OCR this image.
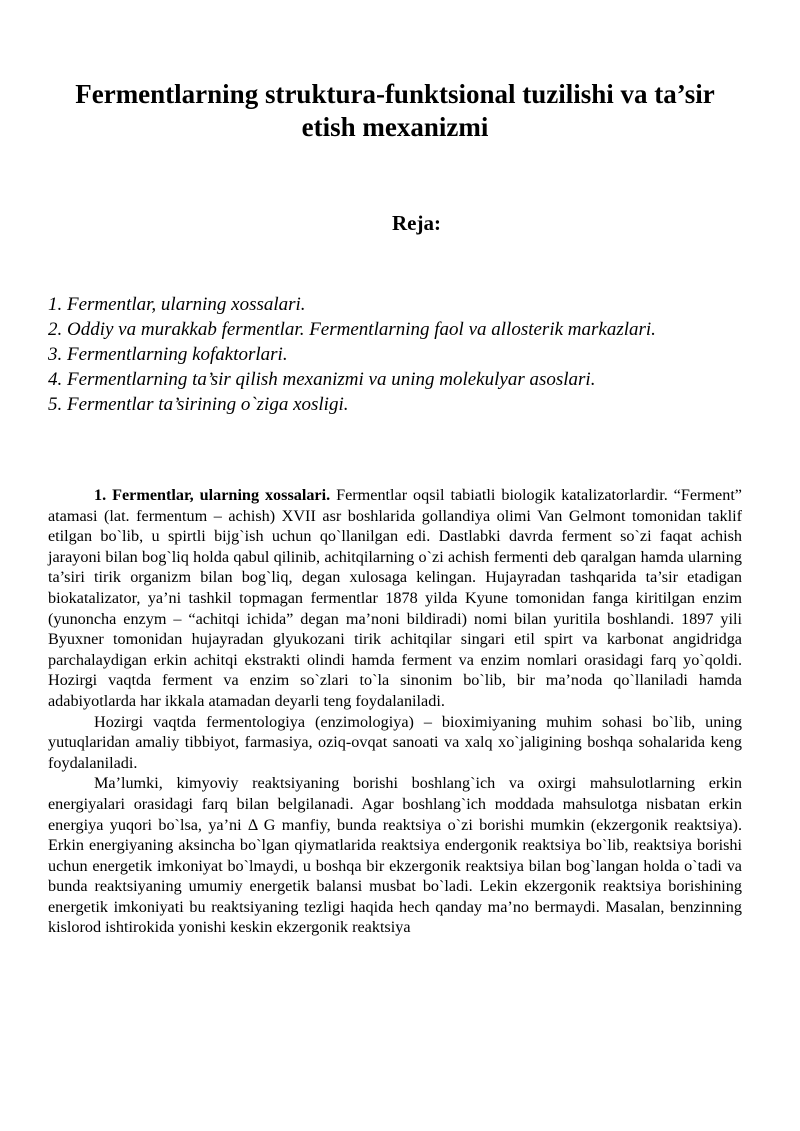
Fermentlarning struktura-funktsional tuzilishi va ta’sir etish mexanizmi
Reja:
1. Fermentlar, ularning xossalari.
2. Oddiy va murakkab fermentlar. Fermentlarning faol va allosterik markazlari.
3. Fermentlarning kofaktorlari.
4. Fermentlarning ta’sir qilish mexanizmi va uning molekulyar asoslari.
5. Fermentlar ta’sirining o`ziga xosligi.

1. Fermentlar, ularning xossalari. Fermentlar oqsil tabiatli biologik katalizatorlardir. “Ferment” atamasi (lat. fermentum – achish) XVII asr boshlarida gollandiya olimi Van Gelmont tomonidan taklif etilgan bo`lib, u spirtli bijg`ish uchun qo`llanilgan edi. Dastlabki davrda ferment so`zi faqat achish jarayoni bilan bog`liq holda qabul qilinib, achitqilarning o`zi achish fermenti deb qaralgan hamda ularning ta’siri tirik organizm bilan bog`liq, degan xulosaga kelingan. Hujayradan tashqarida ta’sir etadigan biokatalizator, ya’ni tashkil topmagan fermentlar 1878 yilda Kyune tomonidan fanga kiritilgan enzim (yunoncha enzym – “achitqi ichida” degan ma’noni bildiradi) nomi bilan yuritila boshlandi. 1897 yili Byuxner tomonidan hujayradan glyukozani tirik achitqilar singari etil spirt va karbonat angidridga parchalaydigan erkin achitqi ekstrakti olindi hamda ferment va enzim nomlari orasidagi farq yo`qoldi. Hozirgi vaqtda ferment va enzim so`zlari to`la sinonim bo`lib, bir ma’noda qo`llaniladi hamda adabiyotlarda har ikkala atamadan deyarli teng foydalaniladi.

Hozirgi vaqtda fermentologiya (enzimologiya) – bioximiyaning muhim sohasi bo`lib, uning yutuqlaridan amaliy tibbiyot, farmasiya, oziq-ovqat sanoati va xalq xo`jaligining boshqa sohalarida keng foydalaniladi.

Ma’lumki, kimyoviy reaktsiyaning borishi boshlang`ich va oxirgi mahsulotlarning erkin energiyalari orasidagi farq bilan belgilanadi. Agar boshlang`ich moddada mahsulotga nisbatan erkin energiya yuqori bo`lsa, ya’ni Δ G manfiy, bunda reaktsiya o`zi borishi mumkin (ekzergonik reaktsiya). Erkin energiyaning aksincha bo`lgan qiymatlarida reaktsiya endergonik reaktsiya bo`lib, reaktsiya borishi uchun energetik imkoniyat bo`lmaydi, u boshqa bir ekzergonik reaktsiya bilan bog`langan holda o`tadi va bunda reaktsiyaning umumiy energetik balansi musbat bo`ladi. Lekin ekzergonik reaktsiya borishining energetik imkoniyati bu reaktsiyaning tezligi haqida hech qanday ma’no bermaydi. Masalan, benzinning kislorod ishtirokida yonishi keskin ekzergonik reaktsiya
